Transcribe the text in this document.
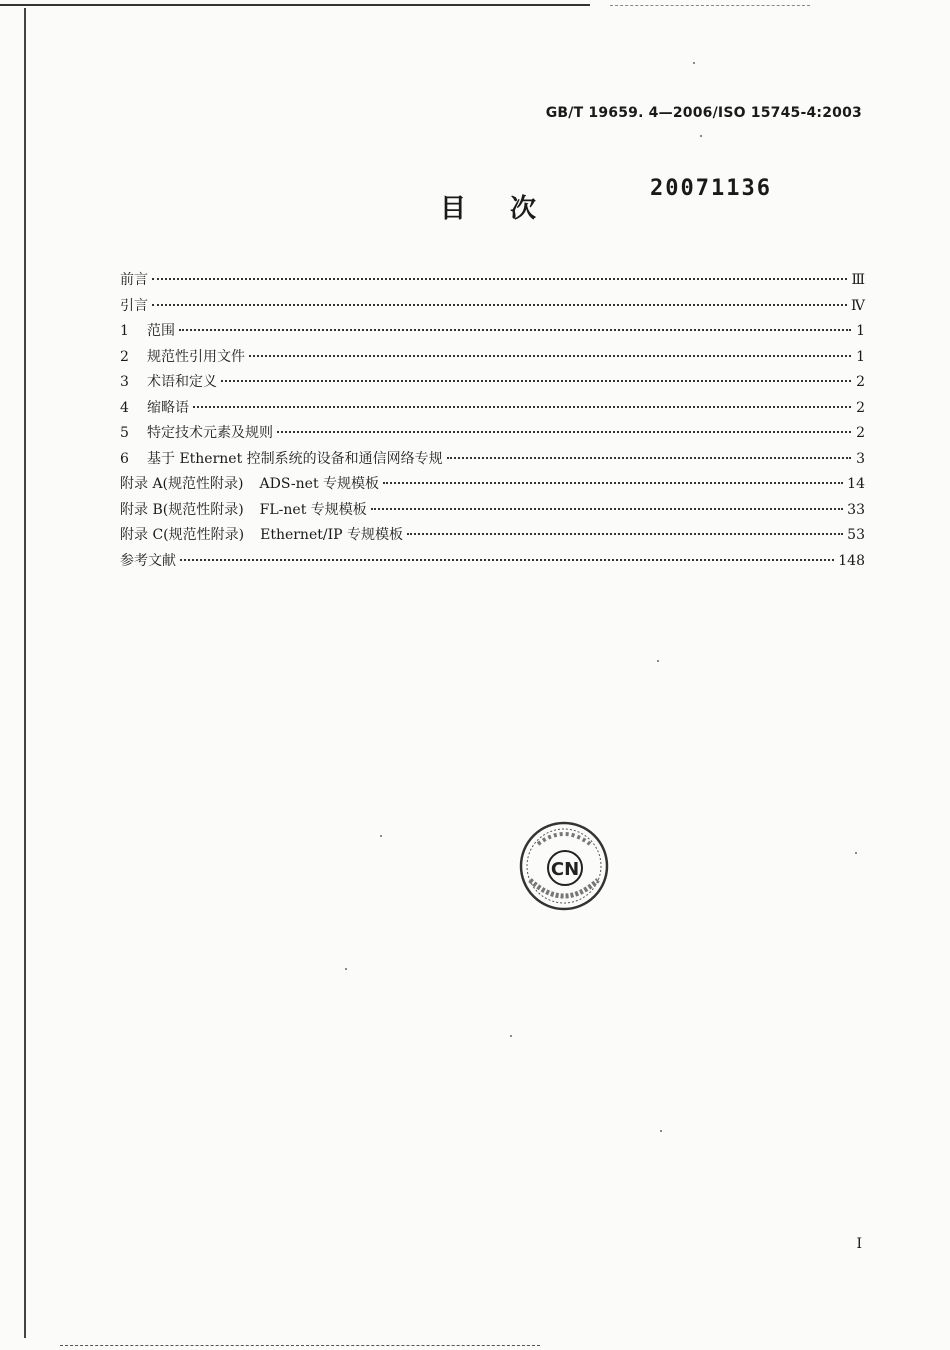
GB/T 19659. 4—2006/ISO 15745-4:2003
20071136
目次
前言	Ⅲ
引言	Ⅳ
1	范围	1
2	规范性引用文件	1
3	术语和定义	2
4	缩略语	2
5	特定技术元素及规则	2
6	基于 Ethernet 控制系统的设备和通信网络专规	3
附录 A(规范性附录) ADS-net 专规模板	14
附录 B(规范性附录) FL-net 专规模板	33
附录 C(规范性附录) Ethernet/IP 专规模板	53
参考文献	148
CN
I
